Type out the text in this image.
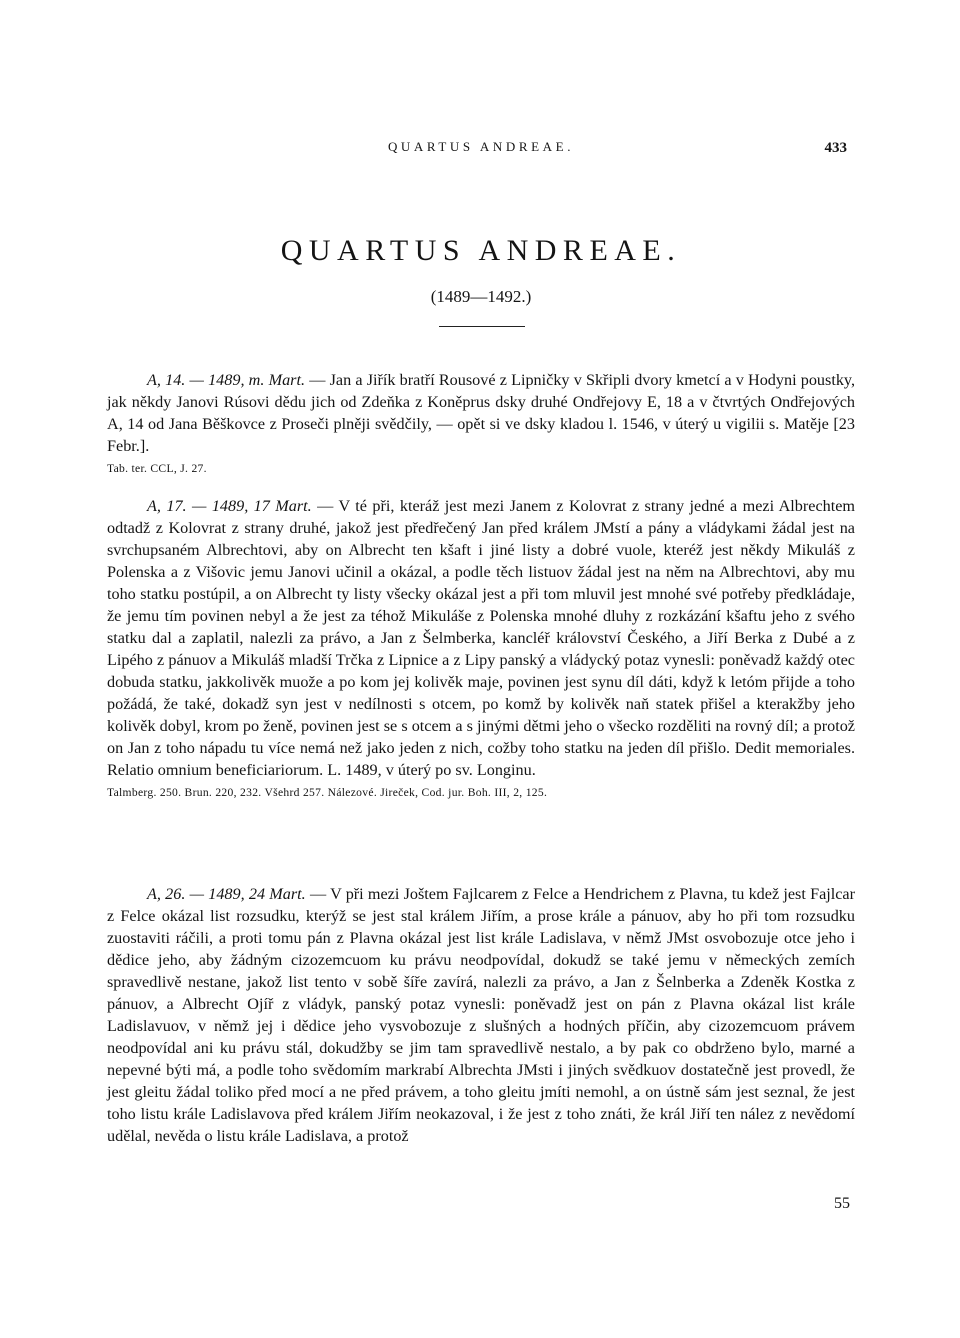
QUARTUS ANDREAE.	433
QUARTUS ANDREAE.
(1489—1492.)

A, 14. — 1489, m. Mart. — Jan a Jiřík bratří Rousové z Lipničky v Skřipli dvory kmetcí a v Hodyni poustky, jak někdy Janovi Rúsovi dědu jich od Zdeňka z Koněprus dsky druhé Ondřejovy E, 18 a v čtvrtých Ondřejových A, 14 od Jana Běškovce z Proseči plněji svědčily, — opět si ve dsky kladou l. 1546, v úterý u vigilii s. Matěje [23 Febr.].

Tab. ter. CCL, J. 27.

A, 17. — 1489, 17 Mart. — V té při, kteráž jest mezi Janem z Kolovrat z strany jedné a mezi Albrechtem odtadž z Kolovrat z strany druhé, jakož jest předřečený Jan před králem JMstí a pány a vládykami žádal jest na svrchupsaném Albrechtovi, aby on Albrecht ten kšaft i jiné listy a dobré vuole, kteréž jest někdy Mikuláš z Polenska a z Višovic jemu Janovi učinil a okázal, a podle těch listuov žádal jest na něm na Albrechtovi, aby mu toho statku postúpil, a on Albrecht ty listy všecky okázal jest a při tom mluvil jest mnohé své potřeby předkládaje, že jemu tím povinen nebyl a že jest za téhož Mikuláše z Polenska mnohé dluhy z rozkázání kšaftu jeho z svého statku dal a zaplatil, nalezli za právo, a Jan z Šelmberka, kancléř království Českého, a Jiří Berka z Dubé a z Lipého z pánuov a Mikuláš mladší Trčka z Lipnice a z Lipy panský a vládycký potaz vynesli: poněvadž každý otec dobuda statku, jakkolivěk muože a po kom jej kolivěk maje, povinen jest synu díl dáti, když k letóm přijde a toho požádá, že také, dokadž syn jest v nedílnosti s otcem, po komž by kolivěk naň statek přišel a kterakžby jeho kolivěk dobyl, krom po ženě, povinen jest se s otcem a s jinými dětmi jeho o všecko rozděliti na rovný díl; a protož on Jan z toho nápadu tu více nemá než jako jeden z nich, cožby toho statku na jeden díl přišlo. Dedit memoriales. Relatio omnium beneficiariorum. L. 1489, v úterý po sv. Longinu.

Talmberg. 250. Brun. 220, 232. Všehrd 257. Nálezové. Jireček, Cod. jur. Boh. III, 2, 125.

A, 26. — 1489, 24 Mart. — V při mezi Joštem Fajlcarem z Felce a Hendrichem z Plavna, tu kdež jest Fajlcar z Felce okázal list rozsudku, kterýž se jest stal králem Jiřím, a prose krále a pánuov, aby ho při tom rozsudku zuostaviti ráčili, a proti tomu pán z Plavna okázal jest list krále Ladislava, v němž JMst osvobozuje otce jeho i dědice jeho, aby žádným cizozemcuom ku právu neodpovídal, dokudž se také jemu v německých zemích spravedlivě nestane, jakož list tento v sobě šíře zavírá, nalezli za právo, a Jan z Šelnberka a Zdeněk Kostka z pánuov, a Albrecht Ojíř z vládyk, panský potaz vynesli: poněvadž jest on pán z Plavna okázal list krále Ladislavuov, v němž jej i dědice jeho vysvobozuje z slušných a hodných příčin, aby cizozemcuom právem neodpovídal ani ku právu stál, dokudžby se jim tam spravedlivě nestalo, a by pak co obdrženo bylo, marné a nepevné býti má, a podle toho svědomím markrabí Albrechta JMsti i jiných svědkuov dostatečně jest provedl, že jest gleitu žádal toliko před mocí a ne před právem, a toho gleitu jmíti nemohl, a on ústně sám jest seznal, že jest toho listu krále Ladislavova před králem Jiřím neokazoval, i že jest z toho znáti, že král Jiří ten nález z nevědomí udělal, nevěda o listu krále Ladislava, a protož

55
